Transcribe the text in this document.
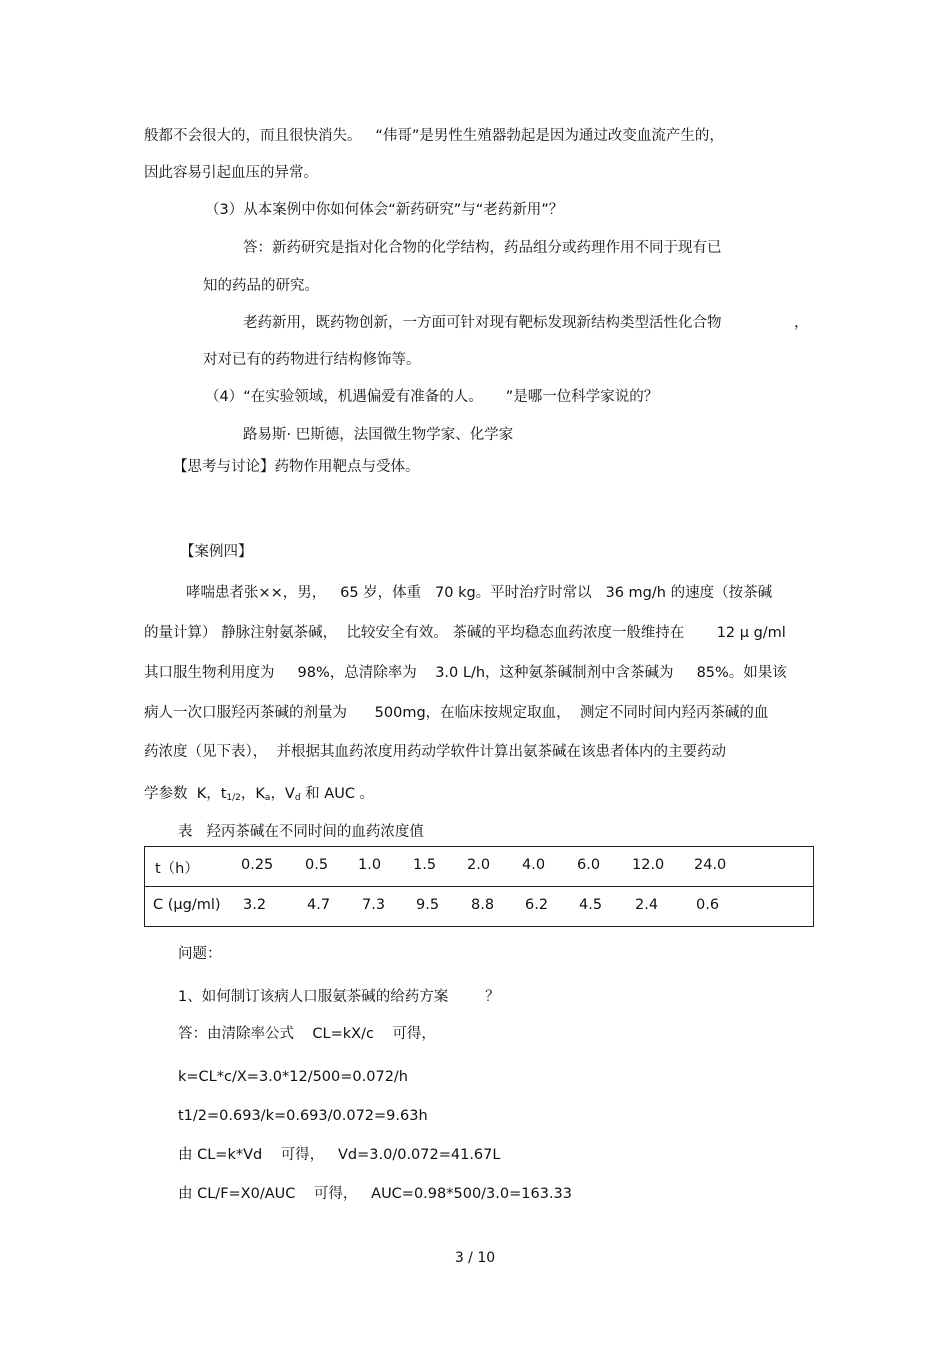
般都不会很大的，而且很快消失。   “伟哥”是男性生殖器勃起是因为通过改变血流产生的，
因此容易引起血压的异常。
（3）从本案例中你如何体会“新药研究”与“老药新用”？
答：新药研究是指对化合物的化学结构，药品组分或药理作用不同于现有已
知的药品的研究。
老药新用，既药物创新，一方面可针对现有靶标发现新结构类型活性化合物	，
对对已有的药物进行结构修饰等。
（4）“在实验领域，机遇偏爱有准备的人。     ”是哪一位科学家说的？
路易斯· 巴斯德，法国微生物学家、化学家
【思考与讨论】药物作用靶点与受体。
【案例四】
哮喘患者张××，男，   65 岁，体重   70 kg。平时治疗时常以   36 mg/h 的速度（按茶碱
的量计算） 静脉注射氨茶碱，  比较安全有效。 茶碱的平均稳态血药浓度一般维持在       12 μ g/ml
其口服生物利用度为     98%，总清除率为    3.0 L/h，这种氨茶碱制剂中含茶碱为     85%。如果该
病人一次口服羟丙茶碱的剂量为      500mg，在临床按规定取血，  测定不同时间内羟丙茶碱的血
药浓度（见下表），  并根据其血药浓度用药动学软件计算出氨茶碱在该患者体内的主要药动
学参数  K，$t_{1/2}$，$K_a$，$V_d$ 和 AUC 。
表   羟丙茶碱在不同时间的血药浓度值
t（h）	0.25 0.5 1.0 1.5 2.0 4.0 6.0 12.0 24.0

C (μg/ml) 3.2	4.7 7.3 9.5 8.8 6.2 4.5 2.4	0.6
问题：
1、如何制订该病人口服氨茶碱的给药方案        ？
答：由清除率公式    CL=kX/c    可得，
k=CL*c/X=3.0*12/500=0.072/h
t1/2=0.693/k=0.693/0.072=9.63h
由 CL=k*Vd    可得，   Vd=3.0/0.072=41.67L
由 CL/F=X0/AUC    可得，   AUC=0.98*500/3.0=163.33
3 / 10
